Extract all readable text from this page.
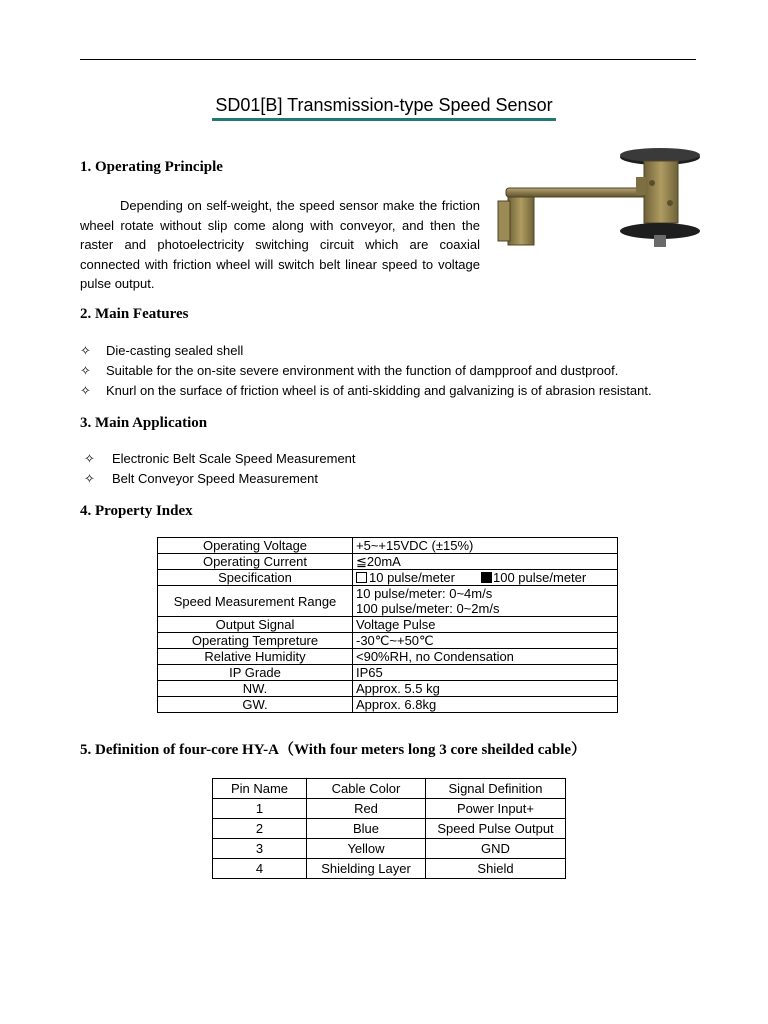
SD01[B] Transmission-type Speed Sensor
1. Operating Principle
Depending on self-weight, the speed sensor make the friction wheel rotate without slip come along with conveyor, and then the raster and photoelectricity switching circuit which are coaxial connected with friction wheel will switch belt linear speed to voltage pulse output.
2. Main Features
✧ Die-casting sealed shell
✧ Suitable for the on-site severe environment with the function of dampproof and dustproof.
✧ Knurl on the surface of friction wheel is of anti-skidding and galvanizing is of abrasion resistant.
3. Main Application
✧ Electronic Belt Scale Speed Measurement
✧ Belt Conveyor Speed Measurement
4. Property Index
Operating Voltage	+5~+15VDC (±15%)
Operating Current	≦20mA
Specification	10 pulse/meter 100 pulse/meter
Speed Measurement Range	10 pulse/meter: 0~4m/s
100 pulse/meter: 0~2m/s

Output Signal	Voltage Pulse
Operating Tempreture	-30℃~+50℃
Relative Humidity	<90%RH, no Condensation
IP Grade	IP65
NW.	Approx. 5.5 kg
GW.	Approx. 6.8kg
5. Definition of four-core HY-A（With four meters long 3 core sheilded cable）
Pin Name	Cable Color	Signal Definition
1	Red	Power Input+
2	Blue	Speed Pulse Output
3	Yellow	GND
4	Shielding Layer	Shield
